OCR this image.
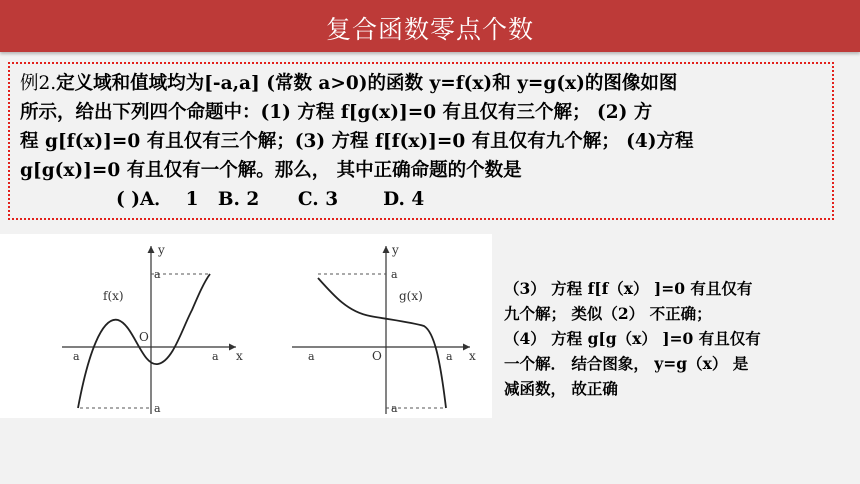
复合函数零点个数

例2.定义域和值域均为[-a,a] (常数 a>0)的函数 y=f(x)和 y=g(x)的图像如图

所示，给出下列四个命题中：(1) 方程 f[g(x)]=0 有且仅有三个解； (2) 方

程 g[f(x)]=0 有且仅有三个解；(3) 方程 f[f(x)]=0 有且仅有九个解； (4)方程

g[g(x)]=0 有且仅有一个解。那么， 其中正确命题的个数是

( )A．  1   B. 2      C. 3       D. 4
y
a
f(x)
O
a	a x
a
y
a
g(x)
O
a	a x
a

（3） 方程 f[f（x） ]=0 有且仅有

九个解； 类似（2） 不正确；

（4） 方程 g[g（x） ]=0 有且仅有

一个解． 结合图象， y=g（x） 是

减函数， 故正确
